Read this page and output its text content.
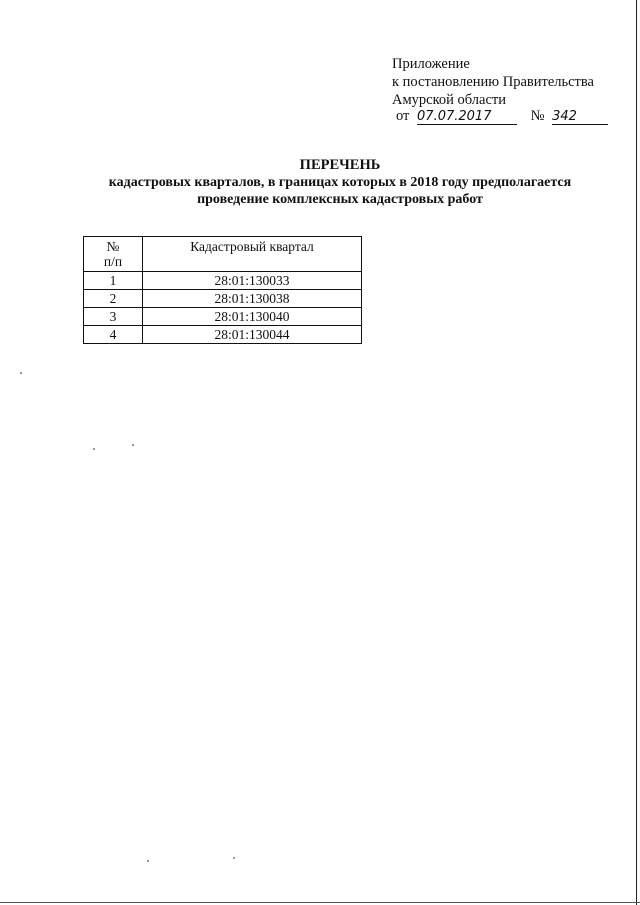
Приложение
к постановлению Правительства
Амурской области
от 07.07.2017	№ 342
ПЕРЕЧЕНЬ
кадастровых кварталов, в границах которых в 2018 году предполагается
проведение комплексных кадастровых работ
№
п/п	Кадастровый квартал
1	28:01:130033
2	28:01:130038
3	28:01:130040
4	28:01:130044
